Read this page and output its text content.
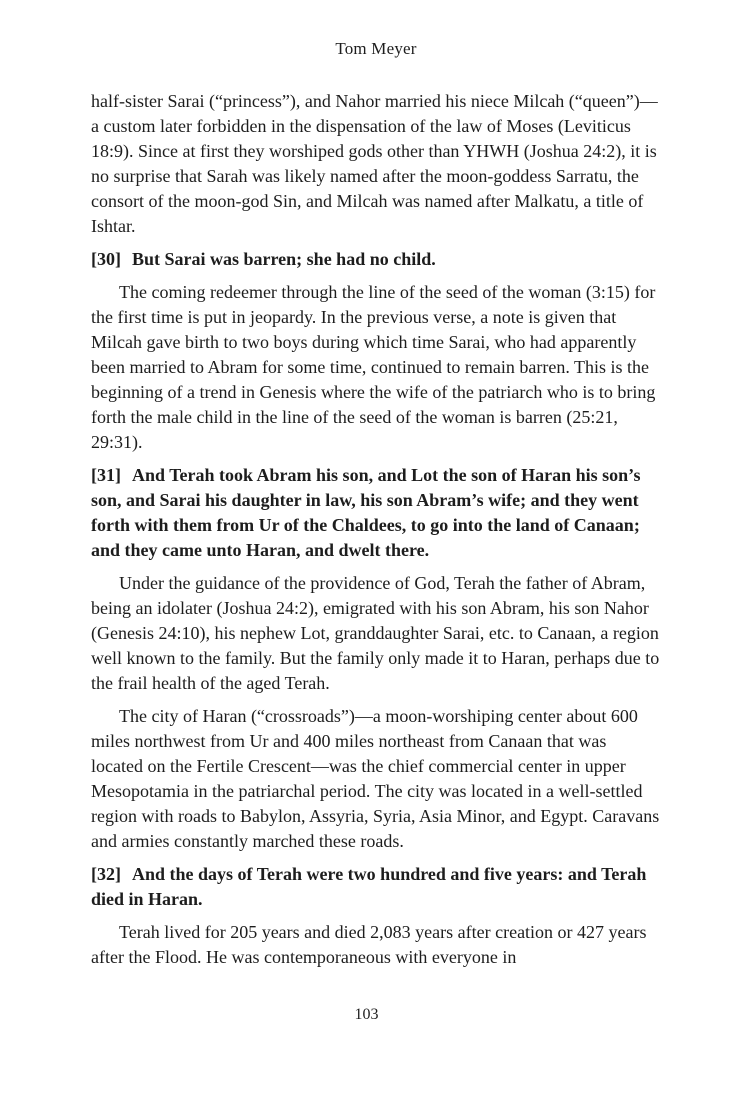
Tom Meyer

half-sister Sarai (“princess”), and Nahor married his niece Milcah (“queen”)—a custom later forbidden in the dispensation of the law of Moses (Leviticus 18:9). Since at first they worshiped gods other than YHWH (Joshua 24:2), it is no surprise that Sarah was likely named after the moon-goddess Sarratu, the consort of the moon-god Sin, and Milcah was named after Malkatu, a title of Ishtar.

[30] But Sarai was barren; she had no child.

The coming redeemer through the line of the seed of the woman (3:15) for the first time is put in jeopardy. In the previous verse, a note is given that Milcah gave birth to two boys during which time Sarai, who had apparently been married to Abram for some time, continued to remain barren. This is the beginning of a trend in Genesis where the wife of the patriarch who is to bring forth the male child in the line of the seed of the woman is barren (25:21, 29:31).

[31] And Terah took Abram his son, and Lot the son of Haran his son’s son, and Sarai his daughter in law, his son Abram’s wife; and they went forth with them from Ur of the Chaldees, to go into the land of Canaan; and they came unto Haran, and dwelt there.

Under the guidance of the providence of God, Terah the father of Abram, being an idolater (Joshua 24:2), emigrated with his son Abram, his son Nahor (Genesis 24:10), his nephew Lot, granddaughter Sarai, etc. to Canaan, a region well known to the family. But the family only made it to Haran, perhaps due to the frail health of the aged Terah.

The city of Haran (“crossroads”)—a moon-worshiping center about 600 miles northwest from Ur and 400 miles northeast from Canaan that was located on the Fertile Crescent—was the chief commercial center in upper Mesopotamia in the patriarchal period. The city was located in a well-settled region with roads to Babylon, Assyria, Syria, Asia Minor, and Egypt. Caravans and armies constantly marched these roads.

[32] And the days of Terah were two hundred and five years: and Terah died in Haran.

Terah lived for 205 years and died 2,083 years after creation or 427 years after the Flood. He was contemporaneous with everyone in

103
